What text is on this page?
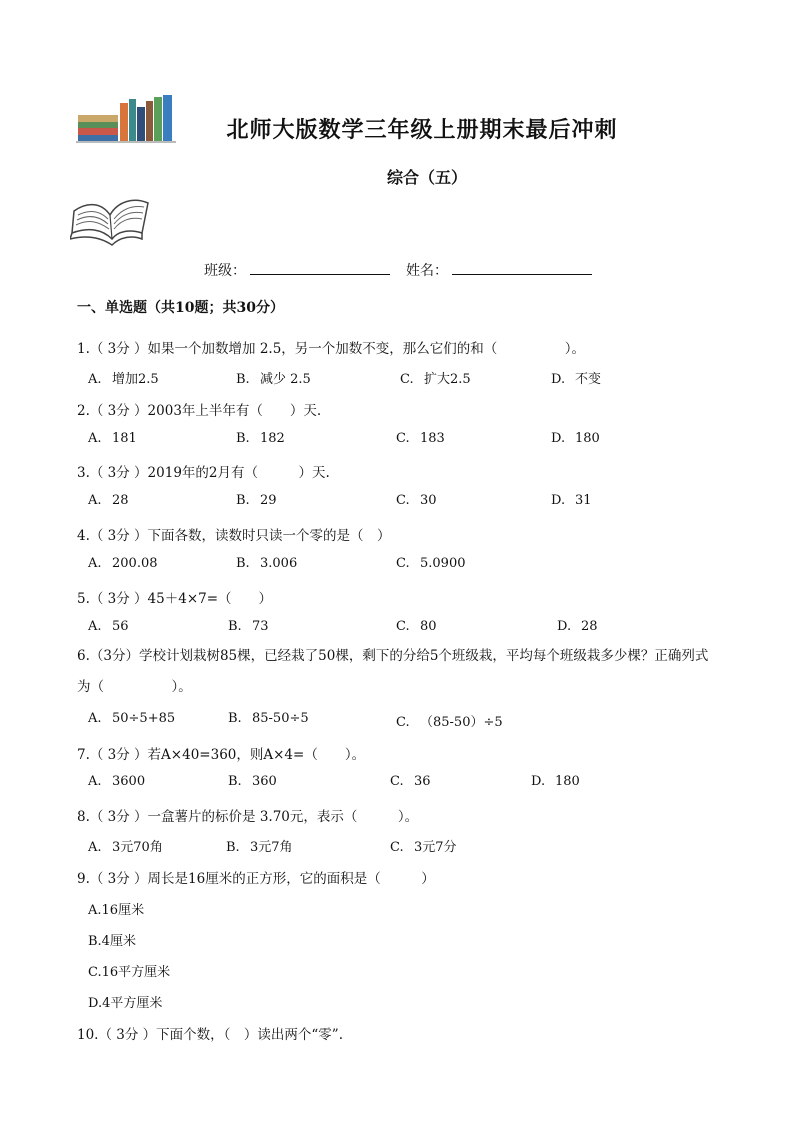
北师大版数学三年级上册期末最后冲刺
综合（五）
班级：	姓名：
一、单选题（共10题；共30分）
1.（ 3分 ）如果一个加数增加 2.5，另一个加数不变，那么它们的和（　　　　　）。
A. 增加2.5	B. 减少 2.5	C. 扩大2.5	D. 不变
2.（ 3分 ）2003年上半年有（　　）天.
A. 181	B. 182	C. 183	D. 180
3.（ 3分 ）2019年的2月有（　　　）天.
A. 28	B. 29	C. 30	D. 31
4.（ 3分 ）下面各数，读数时只读一个零的是（　）
A. 200.08	B. 3.006	C. 5.0900
5.（ 3分 ）45＋4×7=（　　）
A. 56	B. 73	C. 80	D. 28
6.（3分）学校计划栽树85棵，已经栽了50棵，剩下的分给5个班级栽，平均每个班级栽多少棵？正确列式为（　　　　　）。
A. 50÷5+85	B. 85-50÷5	C. （85-50）÷5
7.（ 3分 ）若A×40=360，则A×4=（　　）。
A. 3600	B. 360	C. 36	D. 180
8.（ 3分 ）一盒薯片的标价是 3.70元，表示（　　　）。
A. 3元70角	B. 3元7角	C. 3元7分
9.（ 3分 ）周长是16厘米的正方形，它的面积是（　　　）
A.16厘米
B.4厘米
C.16平方厘米
D.4平方厘米
10.（ 3分 ）下面个数，（　）读出两个“零”.
